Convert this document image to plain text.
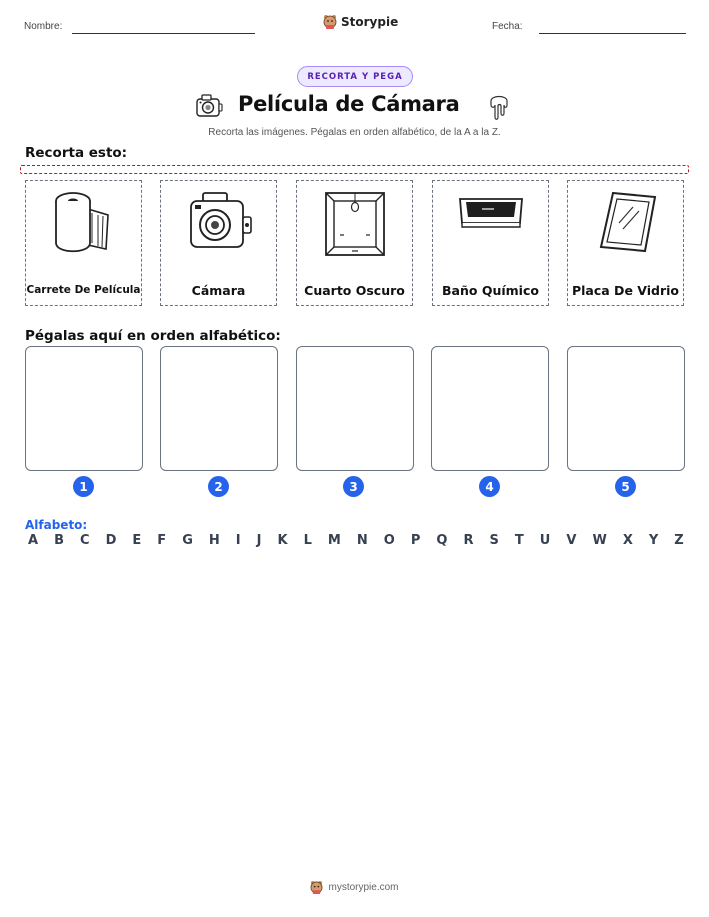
Nombre:	Storypie	Fecha:
RECORTA Y PEGA
Película de Cámara
Recorta las imágenes. Pégalas en orden alfabético, de la A a la Z.
Recorta esto:
Carrete De Película	Cámara	Cuarto Oscuro	Baño Químico	Placa De Vidrio
Pégalas aquí en orden alfabético:
1	2	3	4	5
Alfabeto:
A B C D E F G H I J K L M N O P Q R S T U V W X Y Z
mystorypie.com
